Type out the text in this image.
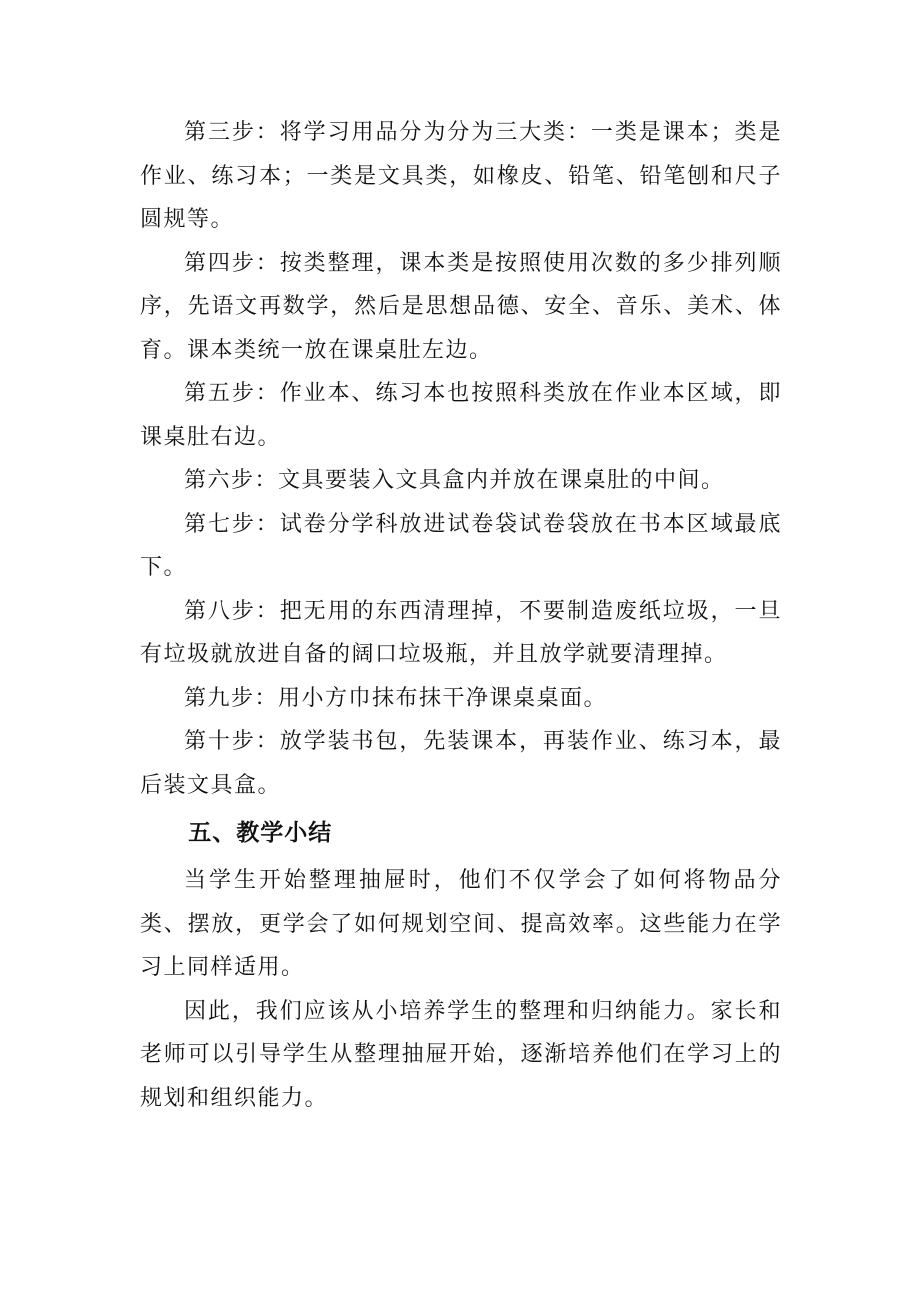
第三步：将学习用品分为分为三大类：一类是课本；类是作业、练习本；一类是文具类，如橡皮、铅笔、铅笔刨和尺子圆规等。

第四步：按类整理，课本类是按照使用次数的多少排列顺序，先语文再数学，然后是思想品德、安全、音乐、美术、体育。课本类统一放在课桌肚左边。

第五步：作业本、练习本也按照科类放在作业本区域，即课桌肚右边。

第六步：文具要装入文具盒内并放在课桌肚的中间。

第七步：试卷分学科放进试卷袋试卷袋放在书本区域最底下。

第八步：把无用的东西清理掉，不要制造废纸垃圾，一旦有垃圾就放进自备的阔口垃圾瓶，并且放学就要清理掉。

第九步：用小方巾抹布抹干净课桌桌面。

第十步：放学装书包，先装课本，再装作业、练习本，最后装文具盒。

五、教学小结

当学生开始整理抽屉时，他们不仅学会了如何将物品分类、摆放，更学会了如何规划空间、提高效率。这些能力在学习上同样适用。

因此，我们应该从小培养学生的整理和归纳能力。家长和老师可以引导学生从整理抽屉开始，逐渐培养他们在学习上的规划和组织能力。
